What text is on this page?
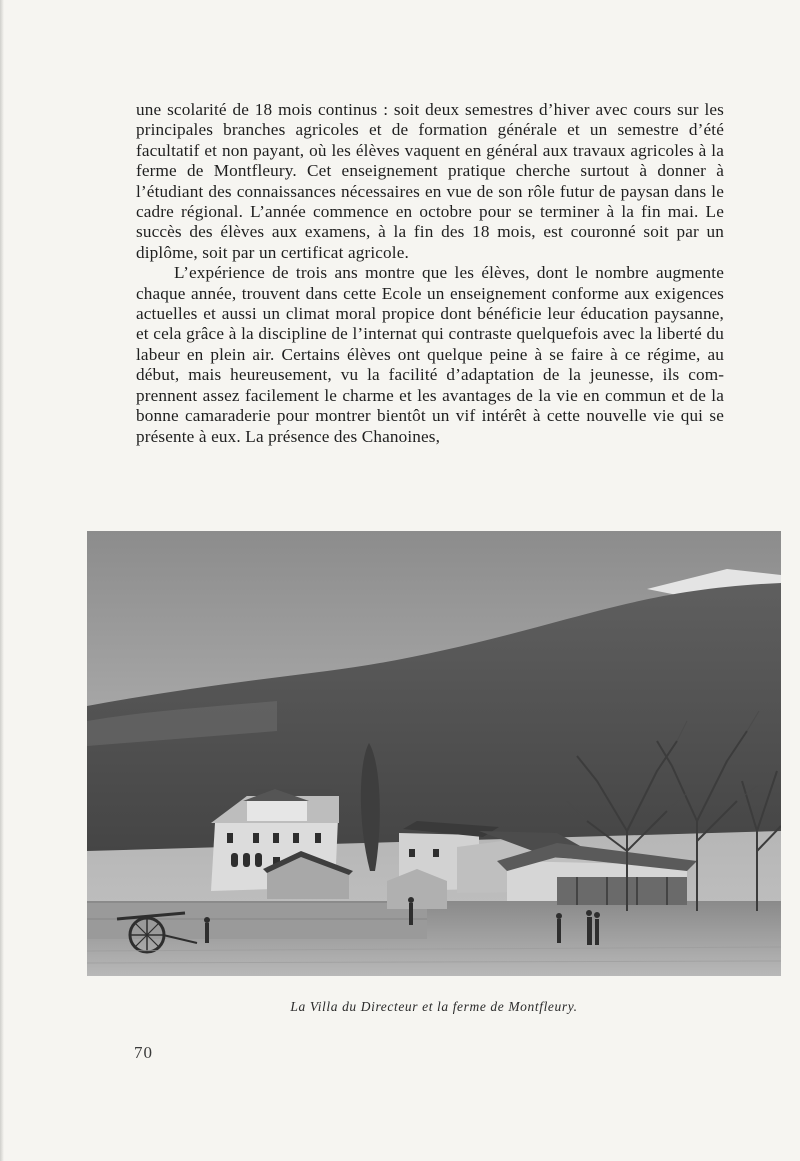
une scolarité de 18 mois continus : soit deux semestres d’hiver avec cours sur les principales branches agricoles et de formation générale et un semestre d’été facultatif et non payant, où les élèves vaquent en général aux travaux agricoles à la ferme de Montfleury. Cet enseignement pratique cherche surtout à donner à l’étudiant des connaissances nécessaires en vue de son rôle futur de paysan dans le cadre régional. L’année commence en octobre pour se terminer à la fin mai. Le succès des élèves aux examens, à la fin des 18 mois, est couronné soit par un diplôme, soit par un certificat agricole.

L’expérience de trois ans montre que les élèves, dont le nombre augmente chaque année, trouvent dans cette Ecole un enseignement conforme aux exigences actuelles et aussi un climat moral propice dont bénéficie leur éducation paysanne, et cela grâce à la discipline de l’internat qui contraste quelquefois avec la liberté du labeur en plein air. Certains élèves ont quelque peine à se faire à ce régime, au début, mais heureusement, vu la facilité d’adaptation de la jeunesse, ils comprennent assez facilement le charme et les avantages de la vie en commun et de la bonne camaraderie pour montrer bientôt un vif intérêt à cette nouvelle vie qui se présente à eux. La présence des Chanoines,

La Villa du Directeur et la ferme de Montfleury.
70
